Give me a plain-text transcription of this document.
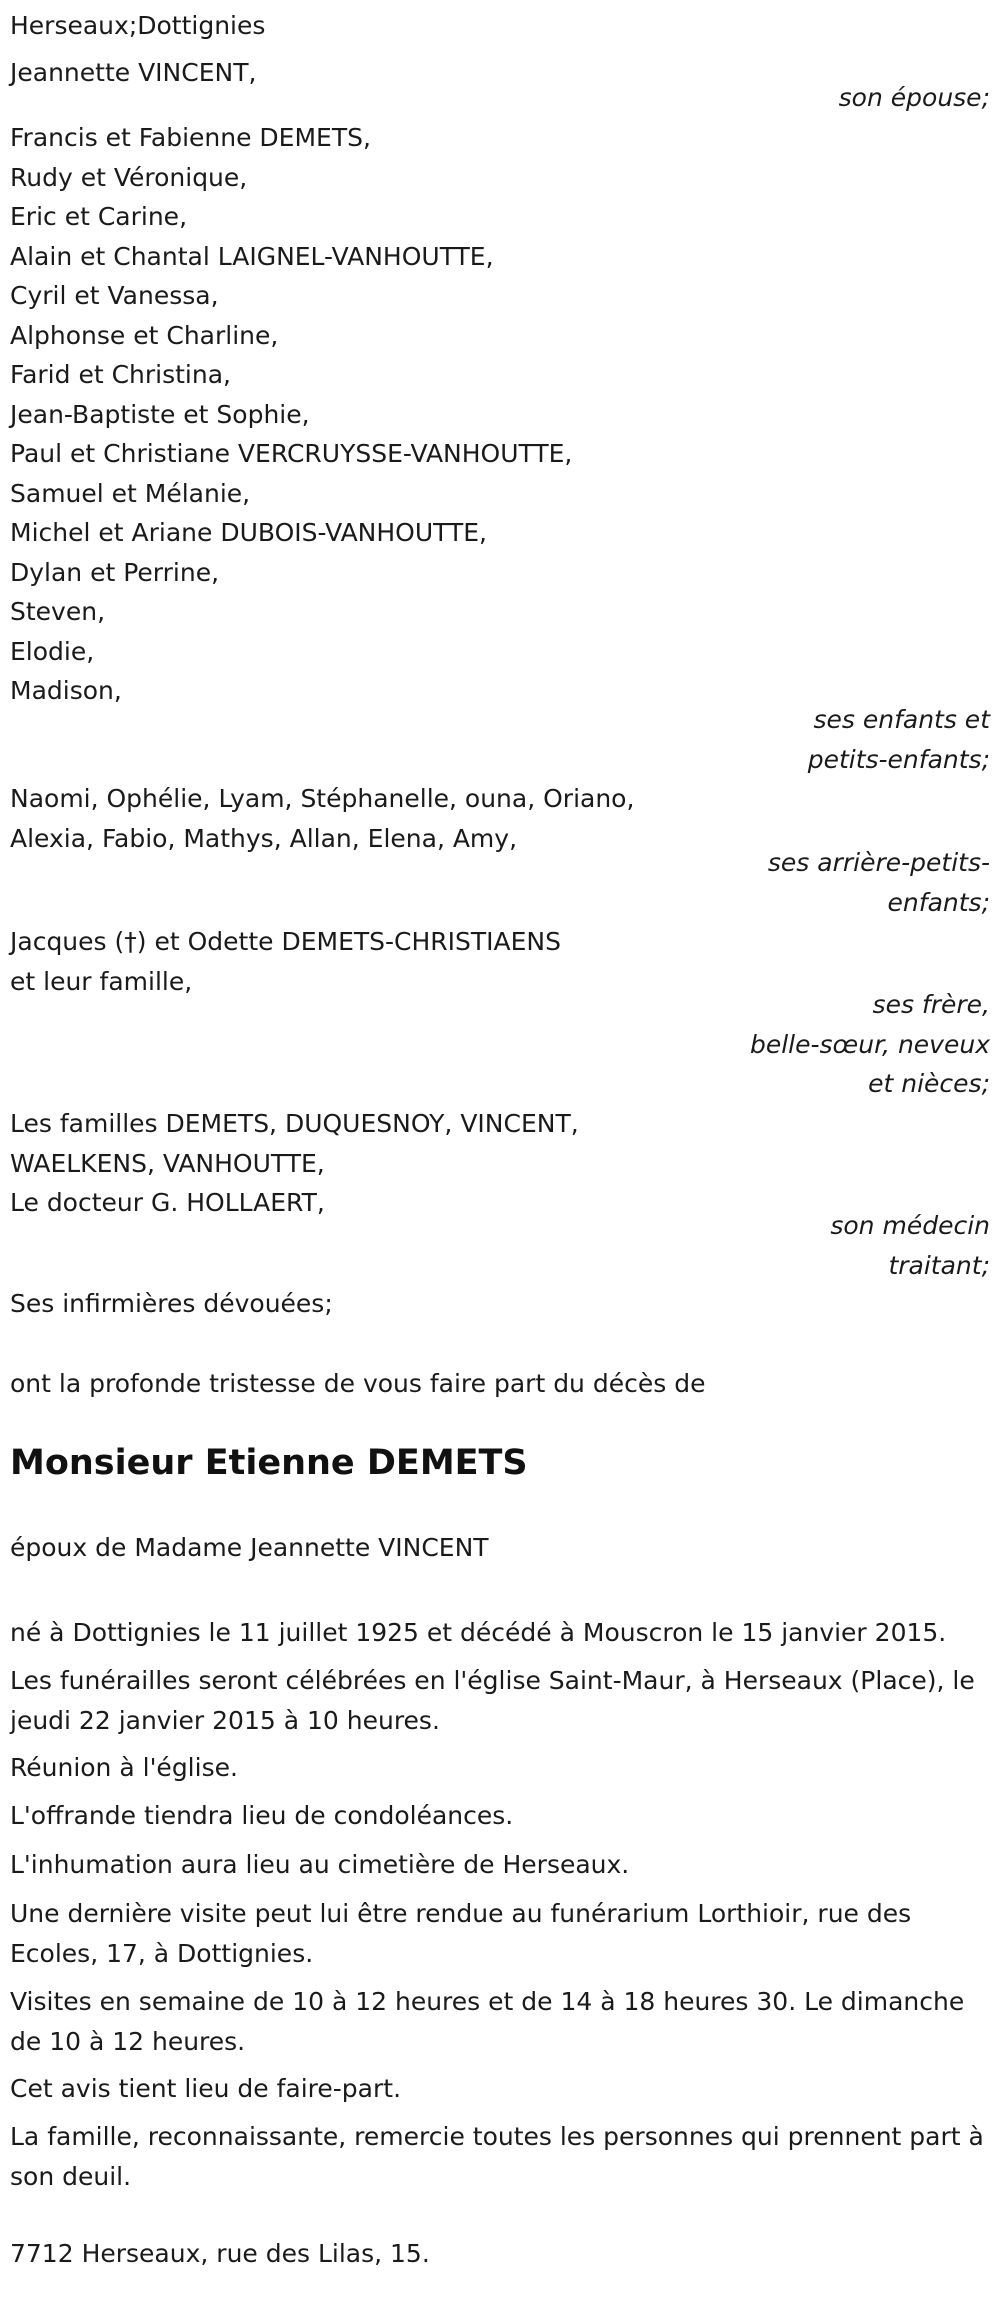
Herseaux;Dottignies
Jeannette VINCENT,
son épouse;
Francis et Fabienne DEMETS,
Rudy et Véronique,
Eric et Carine,
Alain et Chantal LAIGNEL-VANHOUTTE,
Cyril et Vanessa,
Alphonse et Charline,
Farid et Christina,
Jean-Baptiste et Sophie,
Paul et Christiane VERCRUYSSE-VANHOUTTE,
Samuel et Mélanie,
Michel et Ariane DUBOIS-VANHOUTTE,
Dylan et Perrine,
Steven,
Elodie,
Madison,
ses enfants et
petits-enfants;
Naomi, Ophélie, Lyam, Stéphanelle, ouna, Oriano,
Alexia, Fabio, Mathys, Allan, Elena, Amy,
ses arrière-petits-
enfants;
Jacques (†) et Odette DEMETS-CHRISTIAENS
et leur famille,
ses frère,
belle-sœur, neveux
et nièces;
Les familles DEMETS, DUQUESNOY, VINCENT,
WAELKENS, VANHOUTTE,
Le docteur G. HOLLAERT,
son médecin
traitant;
Ses infirmières dévouées;
ont la profonde tristesse de vous faire part du décès de
Monsieur Etienne DEMETS
époux de Madame Jeannette VINCENT
né à Dottignies le 11 juillet 1925 et décédé à Mouscron le 15 janvier 2015.
Les funérailles seront célébrées en l'église Saint-Maur, à Herseaux (Place), le jeudi 22 janvier 2015 à 10 heures.
Réunion à l'église.
L'offrande tiendra lieu de condoléances.
L'inhumation aura lieu au cimetière de Herseaux.
Une dernière visite peut lui être rendue au funérarium Lorthioir, rue des Ecoles, 17, à Dottignies.
Visites en semaine de 10 à 12 heures et de 14 à 18 heures 30. Le dimanche de 10 à 12 heures.
Cet avis tient lieu de faire-part.
La famille, reconnaissante, remercie toutes les personnes qui prennent part à son deuil.
7712 Herseaux, rue des Lilas, 15.
